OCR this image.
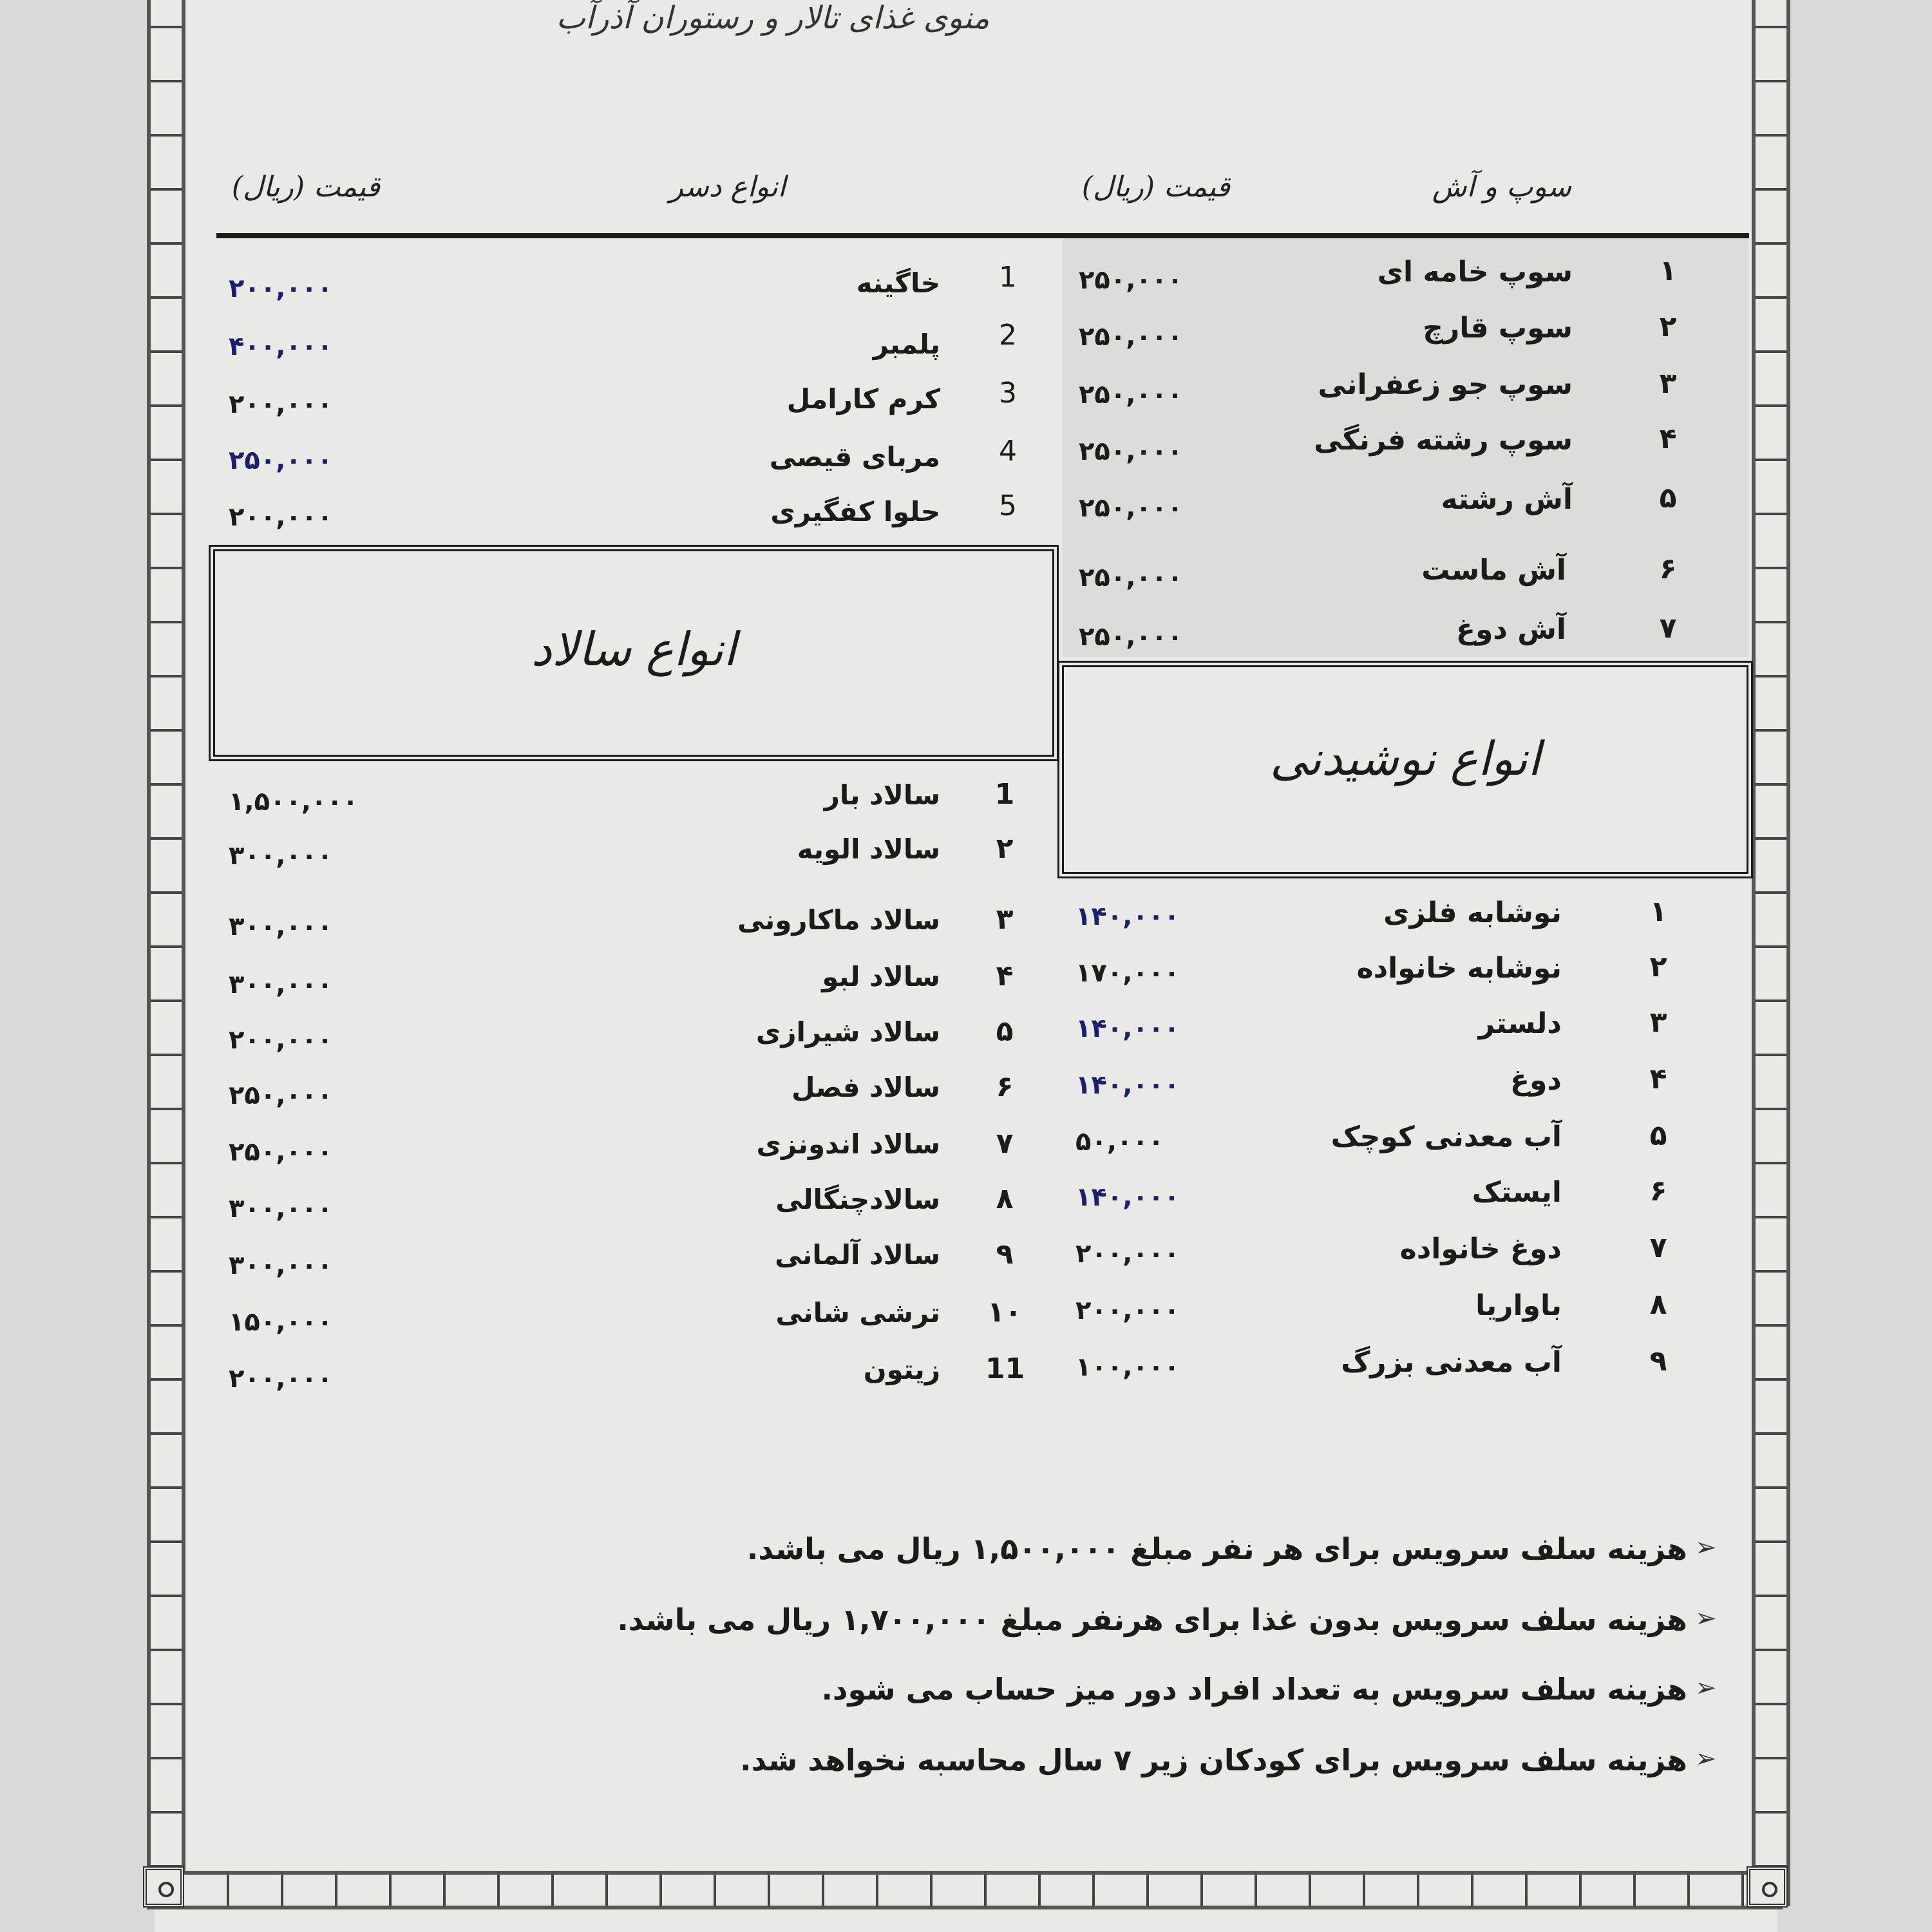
منوی غذای تالار و رستوران آذرآب
سوپ و آش
قیمت (ریال)
انواع دسر
قیمت (ریال)
۱
سوپ خامه ای
۲۵۰,۰۰۰
۲
سوپ قارچ
۲۵۰,۰۰۰
۳
سوپ جو زعفرانی
۲۵۰,۰۰۰
۴
سوپ رشته فرنگی
۲۵۰,۰۰۰
۵
آش رشته
۲۵۰,۰۰۰
۶
آش ماست
۲۵۰,۰۰۰
۷
آش دوغ
۲۵۰,۰۰۰
1
خاگینه
۲۰۰,۰۰۰
2
پلمبر
۴۰۰,۰۰۰
3
کرم کارامل
۲۰۰,۰۰۰
4
مربای قیصی
۲۵۰,۰۰۰
5
حلوا کفگیری
۲۰۰,۰۰۰
انواع سالاد
انواع نوشیدنی
1
سالاد بار
۱,۵۰۰,۰۰۰
۲
سالاد الویه
۳۰۰,۰۰۰
۳
سالاد ماکارونی
۳۰۰,۰۰۰
۴
سالاد لبو
۳۰۰,۰۰۰
۵
سالاد شیرازی
۲۰۰,۰۰۰
۶
سالاد فصل
۲۵۰,۰۰۰
۷
سالاد اندونزی
۲۵۰,۰۰۰
۸
سالادچنگالی
۳۰۰,۰۰۰
۹
سالاد آلمانی
۳۰۰,۰۰۰
۱۰
ترشی شانی
۱۵۰,۰۰۰
11
زیتون
۲۰۰,۰۰۰
۱
نوشابه فلزی
۱۴۰,۰۰۰
۲
نوشابه خانواده
۱۷۰,۰۰۰
۳
دلستر
۱۴۰,۰۰۰
۴
دوغ
۱۴۰,۰۰۰
۵
آب معدنی کوچک
۵۰,۰۰۰
۶
ایستک
۱۴۰,۰۰۰
۷
دوغ خانواده
۲۰۰,۰۰۰
۸
باواریا
۲۰۰,۰۰۰
۹
آب معدنی بزرگ
۱۰۰,۰۰۰
➢
هزینه سلف سرویس برای هر نفر مبلغ ۱,۵۰۰,۰۰۰ ریال می باشد.
➢
هزینه سلف سرویس بدون غذا برای هرنفر مبلغ ۱,۷۰۰,۰۰۰ ریال می باشد.
➢
هزینه سلف سرویس به تعداد افراد دور میز حساب می شود.
➢
هزینه سلف سرویس برای کودکان زیر ۷ سال محاسبه نخواهد شد.
